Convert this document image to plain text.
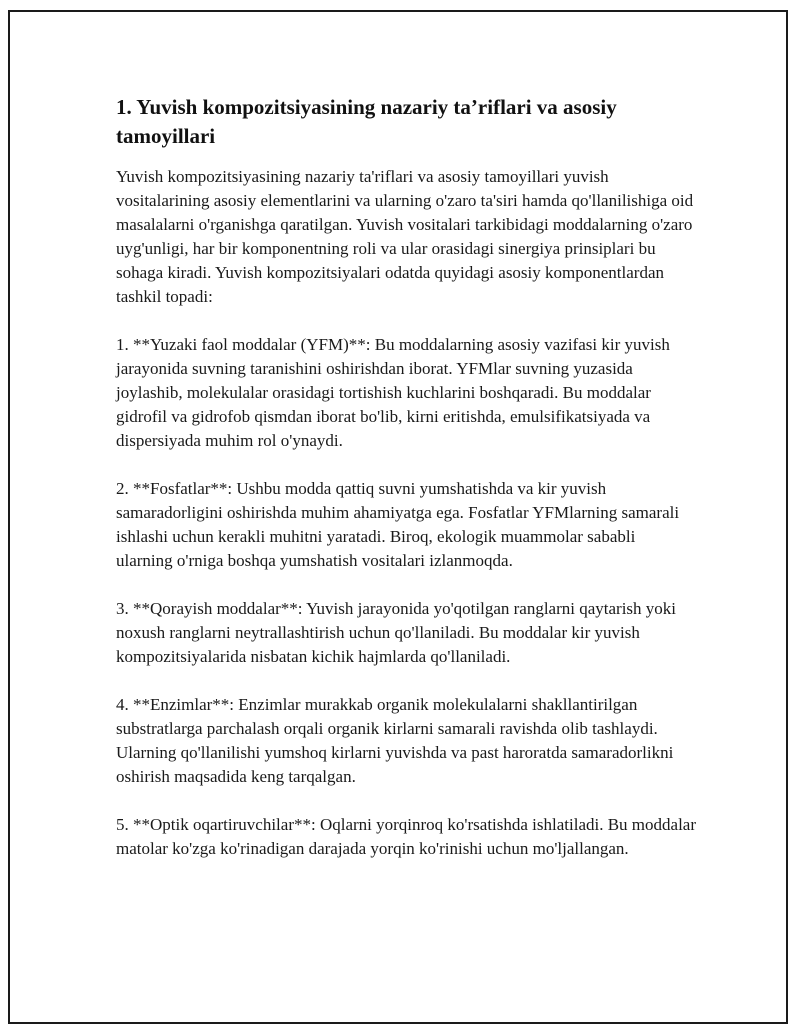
1. Yuvish kompozitsiyasining nazariy ta’riflari va asosiy tamoyillari

Yuvish kompozitsiyasining nazariy ta'riflari va asosiy tamoyillari yuvish vositalarining asosiy elementlarini va ularning o'zaro ta'siri hamda qo'llanilishiga oid masalalarni o'rganishga qaratilgan. Yuvish vositalari tarkibidagi moddalarning o'zaro uyg'unligi, har bir komponentning roli va ular orasidagi sinergiya prinsiplari bu sohaga kiradi. Yuvish kompozitsiyalari odatda quyidagi asosiy komponentlardan tashkil topadi:

1. **Yuzaki faol moddalar (YFM)**: Bu moddalarning asosiy vazifasi kir yuvish jarayonida suvning taranishini oshirishdan iborat. YFMlar suvning yuzasida joylashib, molekulalar orasidagi tortishish kuchlarini boshqaradi. Bu moddalar gidrofil va gidrofob qismdan iborat bo'lib, kirni eritishda, emulsifikatsiyada va dispersiyada muhim rol o'ynaydi.

2. **Fosfatlar**: Ushbu modda qattiq suvni yumshatishda va kir yuvish samaradorligini oshirishda muhim ahamiyatga ega. Fosfatlar YFMlarning samarali ishlashi uchun kerakli muhitni yaratadi. Biroq, ekologik muammolar sababli ularning o'rniga boshqa yumshatish vositalari izlanmoqda.

3. **Qorayish moddalar**: Yuvish jarayonida yo'qotilgan ranglarni qaytarish yoki noxush ranglarni neytrallashtirish uchun qo'llaniladi. Bu moddalar kir yuvish kompozitsiyalarida nisbatan kichik hajmlarda qo'llaniladi.

4. **Enzimlar**: Enzimlar murakkab organik molekulalarni shakllantirilgan substratlarga parchalash orqali organik kirlarni samarali ravishda olib tashlaydi. Ularning qo'llanilishi yumshoq kirlarni yuvishda va past haroratda samaradorlikni oshirish maqsadida keng tarqalgan.

5. **Optik oqartiruvchilar**: Oqlarni yorqinroq ko'rsatishda ishlatiladi. Bu moddalar matolar ko'zga ko'rinadigan darajada yorqin ko'rinishi uchun mo'ljallangan.
